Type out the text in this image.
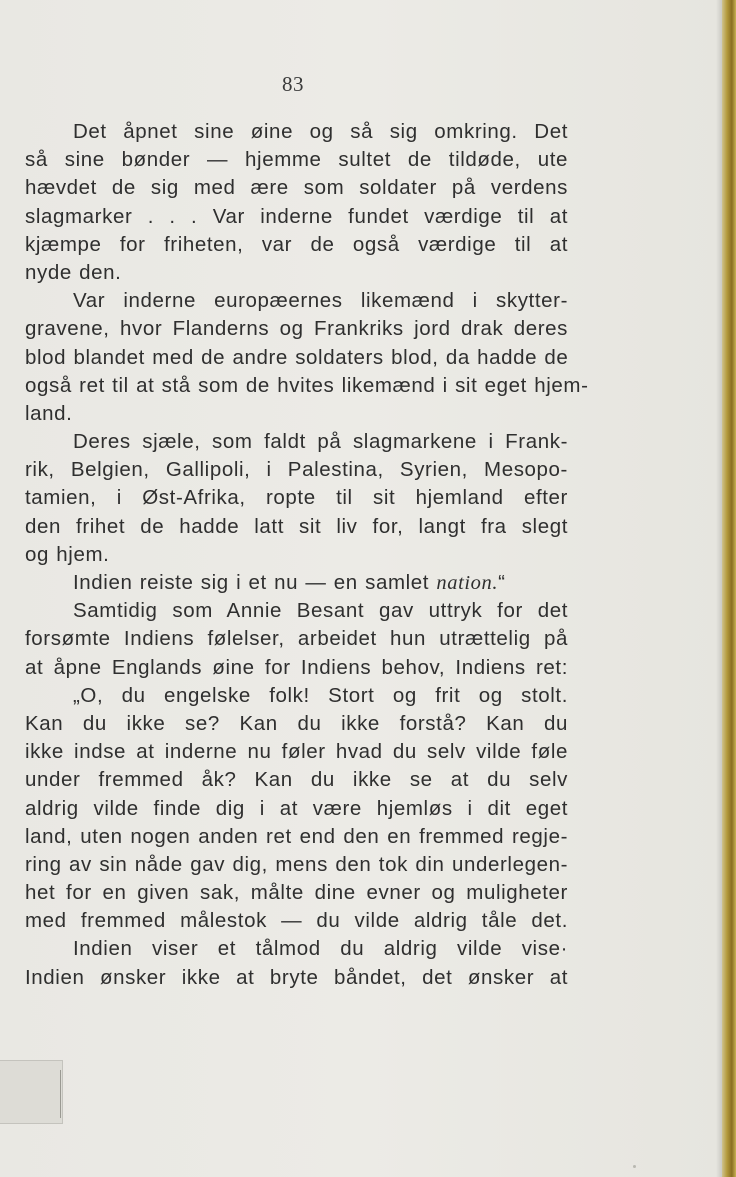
83
Det åpnet sine øine og så sig omkring. Det
så sine bønder — hjemme sultet de tildøde, ute
hævdet de sig med ære som soldater på verdens
slagmarker . . . Var inderne fundet værdige til at
kjæmpe for friheten, var de også værdige til at
nyde den.
Var inderne europæernes likemænd i skytter-
gravene, hvor Flanderns og Frankriks jord drak deres
blod blandet med de andre soldaters blod, da hadde de
også ret til at stå som de hvites likemænd i sit eget hjem-
land.
Deres sjæle, som faldt på slagmarkene i Frank-
rik, Belgien, Gallipoli, i Palestina, Syrien, Mesopo-
tamien, i Øst-Afrika, ropte til sit hjemland efter
den frihet de hadde latt sit liv for, langt fra slegt
og hjem.
Indien reiste sig i et nu — en samlet nation.“
Samtidig som Annie Besant gav uttryk for det
forsømte Indiens følelser, arbeidet hun utrættelig på
at åpne Englands øine for Indiens behov, Indiens ret:
„O, du engelske folk! Stort og frit og stolt.
Kan du ikke se? Kan du ikke forstå? Kan du
ikke indse at inderne nu føler hvad du selv vilde føle
under fremmed åk? Kan du ikke se at du selv
aldrig vilde finde dig i at være hjemløs i dit eget
land, uten nogen anden ret end den en fremmed regje-
ring av sin nåde gav dig, mens den tok din underlegen-
het for en given sak, målte dine evner og muligheter
med fremmed målestok — du vilde aldrig tåle det.
Indien viser et tålmod du aldrig vilde vise·
Indien ønsker ikke at bryte båndet, det ønsker at
